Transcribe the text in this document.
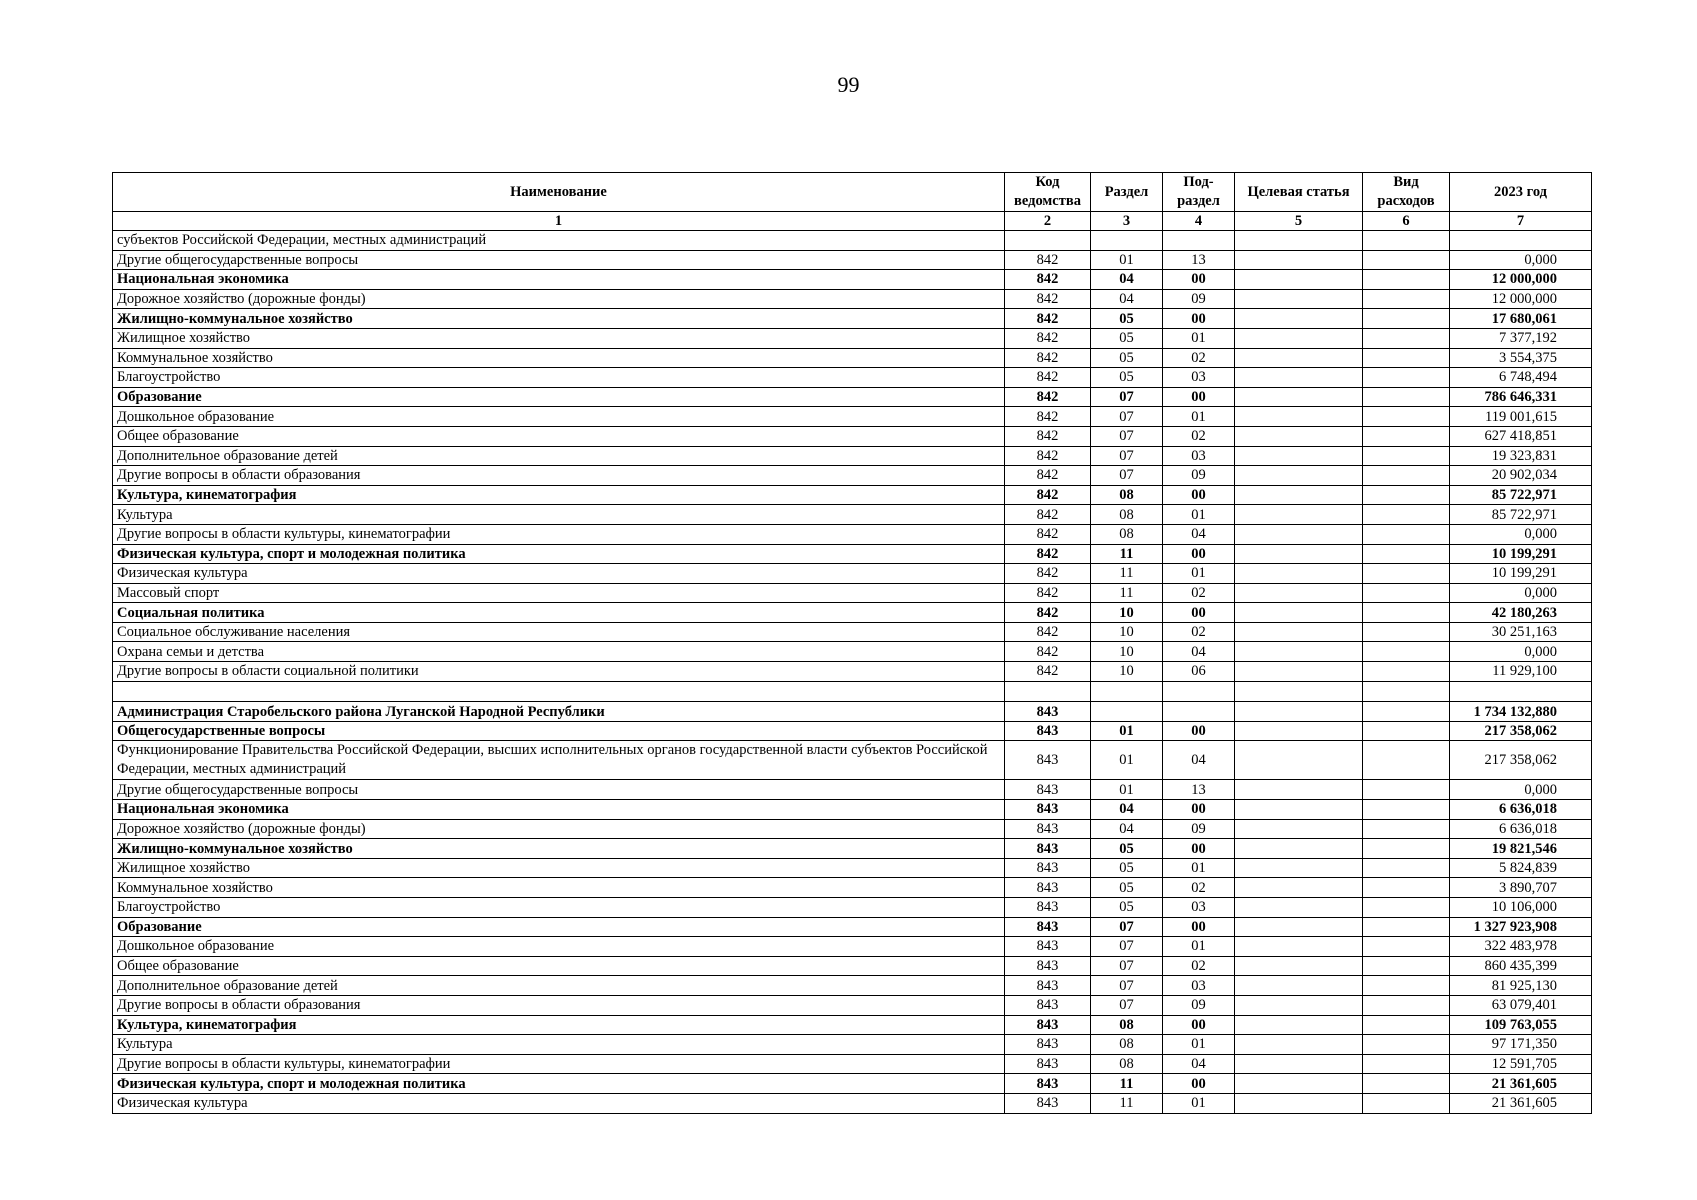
99
Наименование	Код ведомства	Раздел	Под-раздел	Целевая статья	Вид расходов	2023 год
1	2	3	4	5	6	7
субъектов Российской Федерации, местных администраций						
Другие общегосударственные вопросы	842	01	13			0,000
Национальная экономика	842	04	00			12 000,000
Дорожное хозяйство (дорожные фонды)	842	04	09			12 000,000
Жилищно-коммунальное хозяйство	842	05	00			17 680,061
Жилищное хозяйство	842	05	01			7 377,192
Коммунальное хозяйство	842	05	02			3 554,375
Благоустройство	842	05	03			6 748,494
Образование	842	07	00			786 646,331
Дошкольное образование	842	07	01			119 001,615
Общее образование	842	07	02			627 418,851
Дополнительное образование детей	842	07	03			19 323,831
Другие вопросы в области образования	842	07	09			20 902,034
Культура, кинематография	842	08	00			85 722,971
Культура	842	08	01			85 722,971
Другие вопросы в области культуры, кинематографии	842	08	04			0,000
Физическая культура, спорт и молодежная политика	842	11	00			10 199,291
Физическая культура	842	11	01			10 199,291
Массовый спорт	842	11	02			0,000
Социальная политика	842	10	00			42 180,263
Социальное обслуживание населения	842	10	02			30 251,163
Охрана семьи и детства	842	10	04			0,000
Другие вопросы в области социальной политики	842	10	06			11 929,100

Администрация Старобельского района Луганской Народной Республики	843					1 734 132,880
Общегосударственные вопросы	843	01	00			217 358,062
Функционирование Правительства Российской Федерации, высших исполнительных органов государственной власти субъектов Российской Федерации, местных администраций	843	01	04			217 358,062
Другие общегосударственные вопросы	843	01	13			0,000
Национальная экономика	843	04	00			6 636,018
Дорожное хозяйство (дорожные фонды)	843	04	09			6 636,018
Жилищно-коммунальное хозяйство	843	05	00			19 821,546
Жилищное хозяйство	843	05	01			5 824,839
Коммунальное хозяйство	843	05	02			3 890,707
Благоустройство	843	05	03			10 106,000
Образование	843	07	00			1 327 923,908
Дошкольное образование	843	07	01			322 483,978
Общее образование	843	07	02			860 435,399
Дополнительное образование детей	843	07	03			81 925,130
Другие вопросы в области образования	843	07	09			63 079,401
Культура, кинематография	843	08	00			109 763,055
Культура	843	08	01			97 171,350
Другие вопросы в области культуры, кинематографии	843	08	04			12 591,705
Физическая культура, спорт и молодежная политика	843	11	00			21 361,605
Физическая культура	843	11	01			21 361,605
